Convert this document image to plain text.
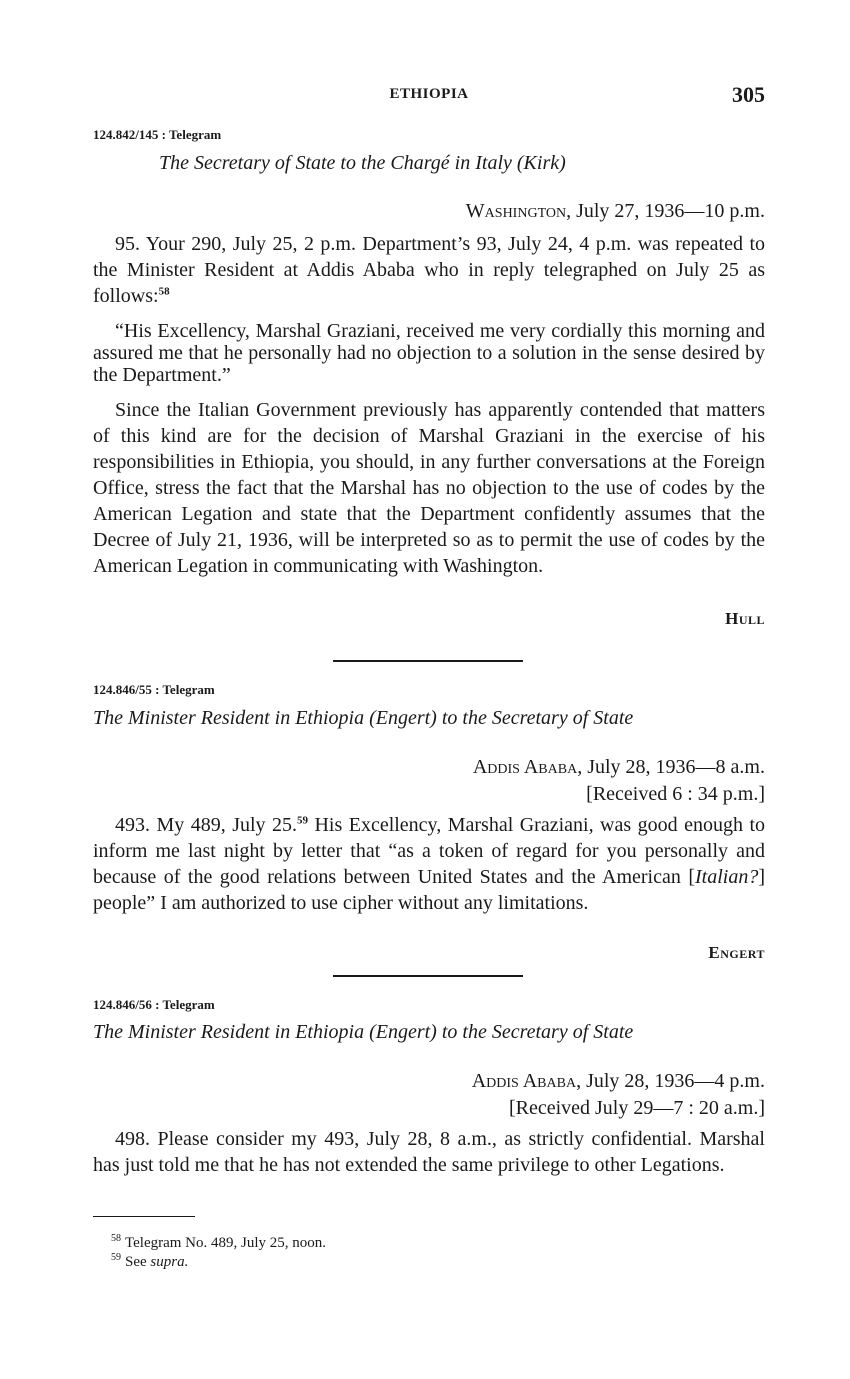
ETHIOPIA	305
124.842/145 : Telegram
The Secretary of State to the Chargé in Italy (Kirk)
Washington, July 27, 1936—10 p.m.
95. Your 290, July 25, 2 p.m. Department’s 93, July 24, 4 p.m. was repeated to the Minister Resident at Addis Ababa who in reply telegraphed on July 25 as follows:$^{58}$
“His Excellency, Marshal Graziani, received me very cordially this morning and assured me that he personally had no objection to a solution in the sense desired by the Department.”
Since the Italian Government previously has apparently contended that matters of this kind are for the decision of Marshal Graziani in the exercise of his responsibilities in Ethiopia, you should, in any further conversations at the Foreign Office, stress the fact that the Marshal has no objection to the use of codes by the American Legation and state that the Department confidently assumes that the Decree of July 21, 1936, will be interpreted so as to permit the use of codes by the American Legation in communicating with Washington.
Hull
124.846/55 : Telegram
The Minister Resident in Ethiopia (Engert) to the Secretary of State
Addis Ababa, July 28, 1936—8 a.m.
[Received 6 : 34 p.m.]
493. My 489, July 25.59 His Excellency, Marshal Graziani, was good enough to inform me last night by letter that “as a token of regard for you personally and because of the good relations between United States and the American [Italian?] people” I am authorized to use cipher without any limitations.
Engert
124.846/56 : Telegram
The Minister Resident in Ethiopia (Engert) to the Secretary of State
Addis Ababa, July 28, 1936—4 p.m.
[Received July 29—7 : 20 a.m.]
498. Please consider my 493, July 28, 8 a.m., as strictly confidential. Marshal has just told me that he has not extended the same privilege to other Legations.
$^{58}$ Telegram No. 489, July 25, noon.
$^{59}$ See supra.
